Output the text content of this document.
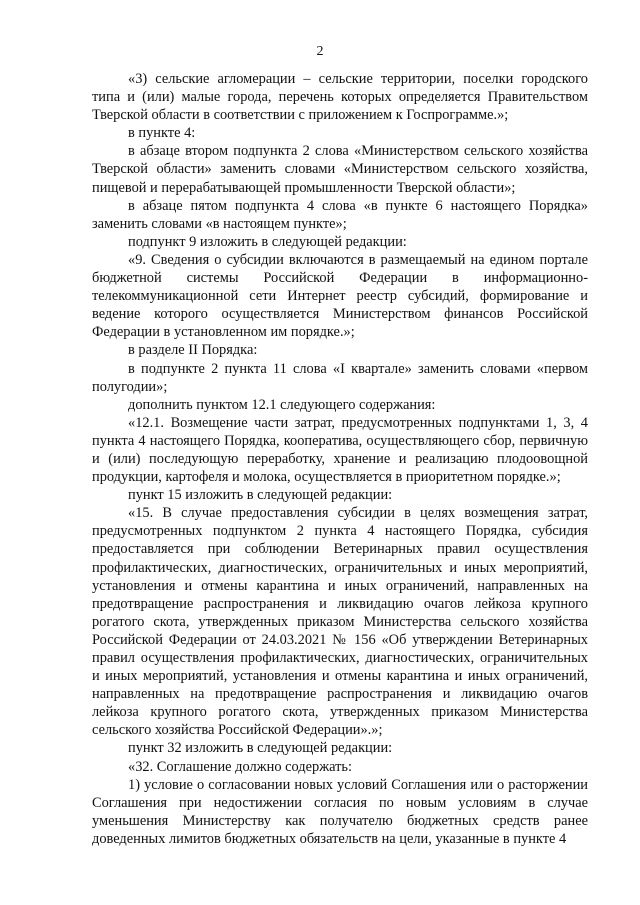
2

«3) сельские агломерации – сельские территории, поселки городского типа и (или) малые города, перечень которых определяется Правительством Тверской области в соответствии с приложением к Госпрограмме.»;

в пункте 4:

в абзаце втором подпункта 2 слова «Министерством сельского хозяйства Тверской области» заменить словами «Министерством сельского хозяйства, пищевой и перерабатывающей промышленности Тверской области»;

в абзаце пятом подпункта 4 слова «в пункте 6 настоящего Порядка» заменить словами «в настоящем пункте»;

подпункт 9 изложить в следующей редакции:

«9. Сведения о субсидии включаются в размещаемый на едином портале бюджетной системы Российской Федерации в информационно-телекоммуникационной сети Интернет реестр субсидий, формирование и ведение которого осуществляется Министерством финансов Российской Федерации в установленном им порядке.»;

в разделе II Порядка:

в подпункте 2 пункта 11 слова «I квартале» заменить словами «первом полугодии»;

дополнить пунктом 12.1 следующего содержания:

«12.1. Возмещение части затрат, предусмотренных подпунктами 1, 3, 4 пункта 4 настоящего Порядка, кооператива, осуществляющего сбор, первичную и (или) последующую переработку, хранение и реализацию плодоовощной продукции, картофеля и молока, осуществляется в приоритетном порядке.»;

пункт 15 изложить в следующей редакции:

«15. В случае предоставления субсидии в целях возмещения затрат, предусмотренных подпунктом 2 пункта 4 настоящего Порядка, субсидия предоставляется при соблюдении Ветеринарных правил осуществления профилактических, диагностических, ограничительных и иных мероприятий, установления и отмены карантина и иных ограничений, направленных на предотвращение распространения и ликвидацию очагов лейкоза крупного рогатого скота, утвержденных приказом Министерства сельского хозяйства Российской Федерации от 24.03.2021 № 156 «Об утверждении Ветеринарных правил осуществления профилактических, диагностических, ограничительных и иных мероприятий, установления и отмены карантина и иных ограничений, направленных на предотвращение распространения и ликвидацию очагов лейкоза крупного рогатого скота, утвержденных приказом Министерства сельского хозяйства Российской Федерации».»;

пункт 32 изложить в следующей редакции:

«32. Соглашение должно содержать:

1) условие о согласовании новых условий Соглашения или о расторжении Соглашения при недостижении согласия по новым условиям в случае уменьшения Министерству как получателю бюджетных средств ранее доведенных лимитов бюджетных обязательств на цели, указанные в пункте 4
